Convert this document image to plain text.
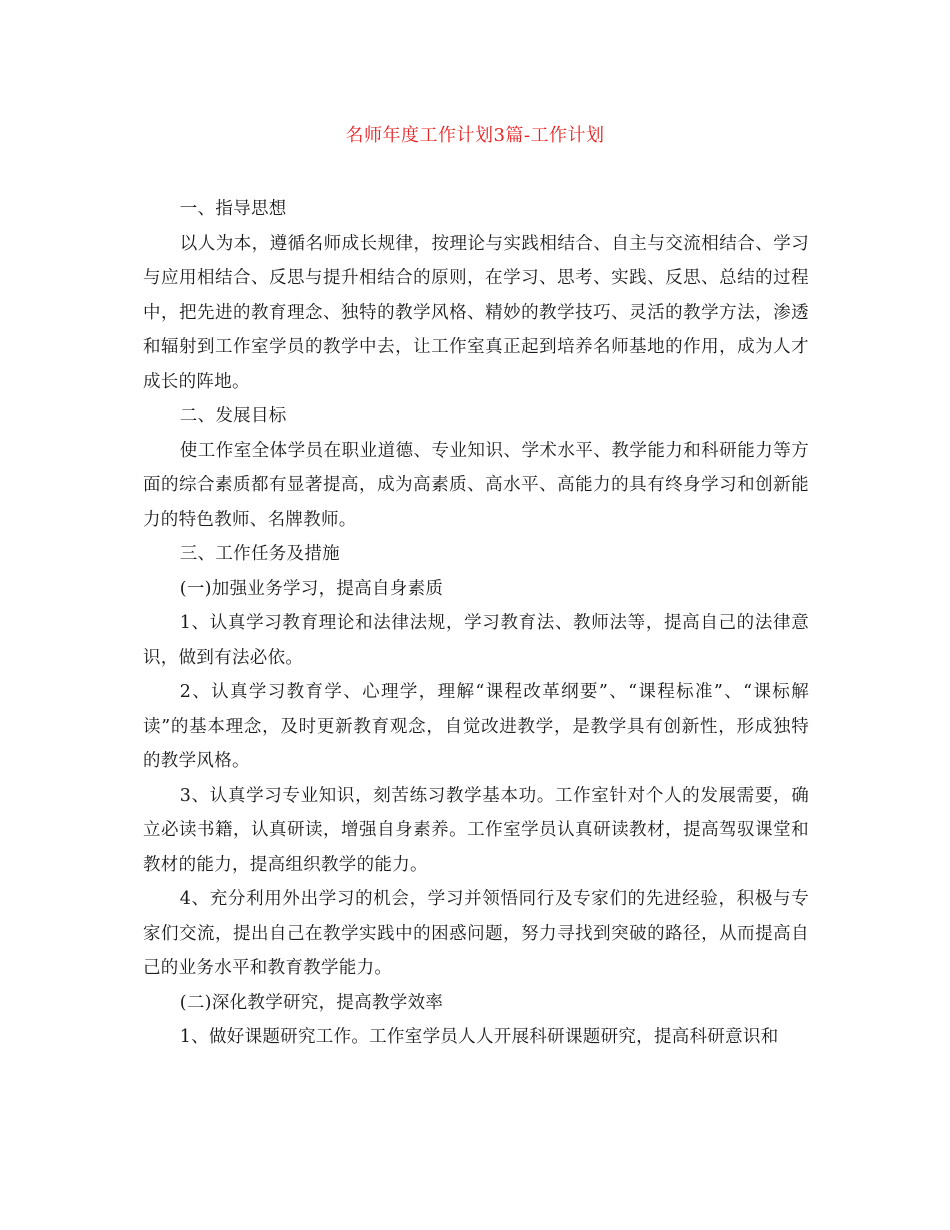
名师年度工作计划3篇-工作计划

一、指导思想

以人为本，遵循名师成长规律，按理论与实践相结合、自主与交流相结合、学习与应用相结合、反思与提升相结合的原则，在学习、思考、实践、反思、总结的过程中，把先进的教育理念、独特的教学风格、精妙的教学技巧、灵活的教学方法，渗透和辐射到工作室学员的教学中去，让工作室真正起到培养名师基地的作用，成为人才成长的阵地。

二、发展目标

使工作室全体学员在职业道德、专业知识、学术水平、教学能力和科研能力等方面的综合素质都有显著提高，成为高素质、高水平、高能力的具有终身学习和创新能力的特色教师、名牌教师。

三、工作任务及措施

(一)加强业务学习，提高自身素质

1、认真学习教育理论和法律法规，学习教育法、教师法等，提高自己的法律意识，做到有法必依。

2、认真学习教育学、心理学，理解“课程改革纲要”、“课程标准”、“课标解读”的基本理念，及时更新教育观念，自觉改进教学，是教学具有创新性，形成独特的教学风格。

3、认真学习专业知识，刻苦练习教学基本功。工作室针对个人的发展需要，确立必读书籍，认真研读，增强自身素养。工作室学员认真研读教材，提高驾驭课堂和教材的能力，提高组织教学的能力。

4、充分利用外出学习的机会，学习并领悟同行及专家们的先进经验，积极与专家们交流，提出自己在教学实践中的困惑问题，努力寻找到突破的路径，从而提高自己的业务水平和教育教学能力。

(二)深化教学研究，提高教学效率

1、做好课题研究工作。工作室学员人人开展科研课题研究，提高科研意识和
